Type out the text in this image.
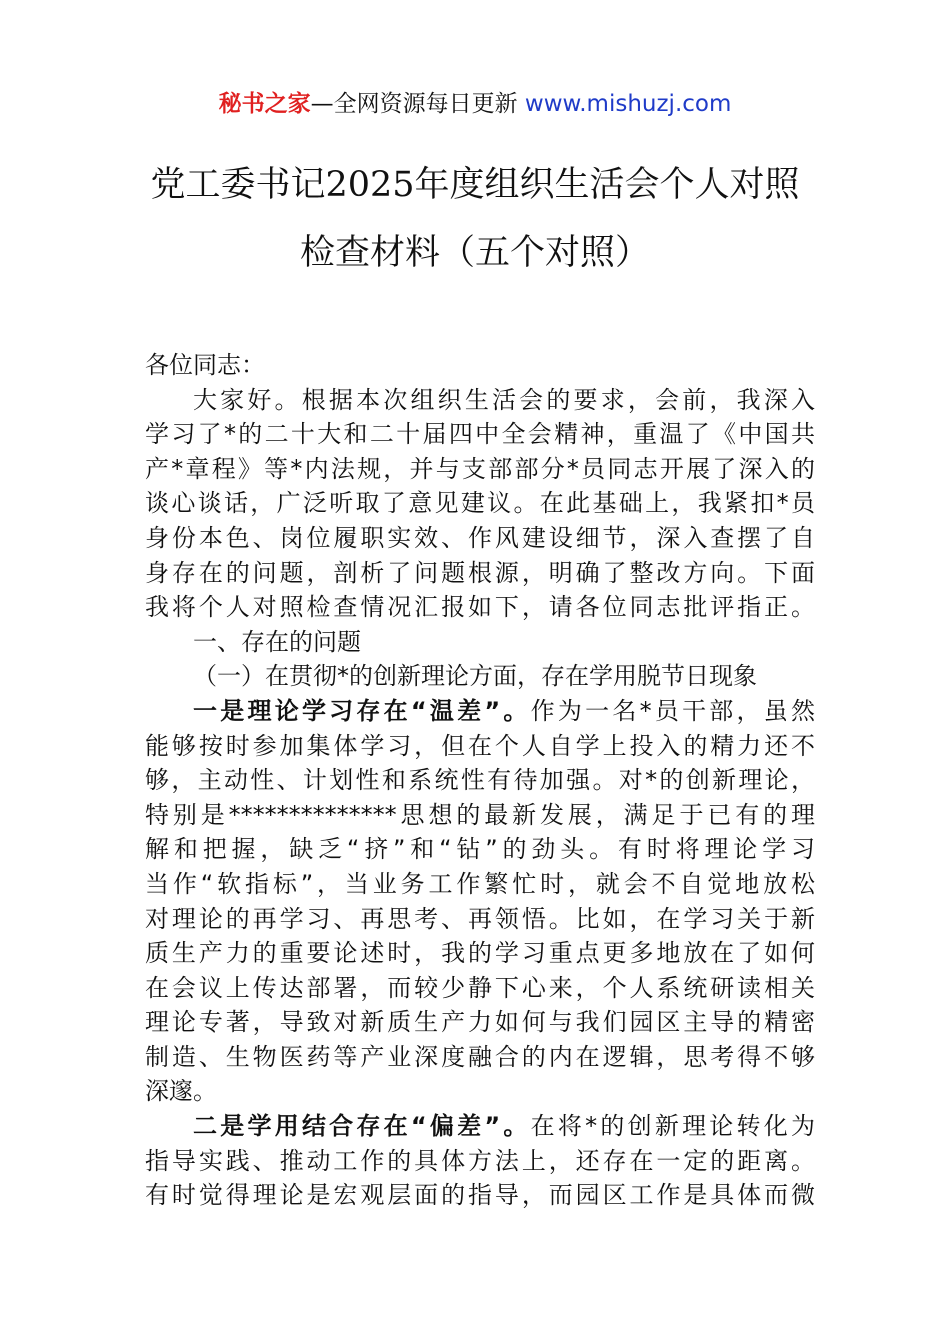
秘书之家—全网资源每日更新 www.mishuzj.com
党工委书记2025年度组织生活会个人对照
检查材料（五个对照）
各位同志：
大家好。根据本次组织生活会的要求，会前，我深入
学习了*的二十大和二十届四中全会精神，重温了《中国共
产*章程》等*内法规，并与支部部分*员同志开展了深入的
谈心谈话，广泛听取了意见建议。在此基础上，我紧扣*员
身份本色、岗位履职实效、作风建设细节，深入查摆了自
身存在的问题，剖析了问题根源，明确了整改方向。下面
我将个人对照检查情况汇报如下，请各位同志批评指正。
一、存在的问题
（一）在贯彻*的创新理论方面，存在学用脱节日现象
一是理论学习存在“温差”。作为一名*员干部，虽然
能够按时参加集体学习，但在个人自学上投入的精力还不
够，主动性、计划性和系统性有待加强。对*的创新理论，
特别是**************思想的最新发展，满足于已有的理
解和把握，缺乏“挤”和“钻”的劲头。有时将理论学习
当作“软指标”，当业务工作繁忙时，就会不自觉地放松
对理论的再学习、再思考、再领悟。比如，在学习关于新
质生产力的重要论述时，我的学习重点更多地放在了如何
在会议上传达部署，而较少静下心来，个人系统研读相关
理论专著，导致对新质生产力如何与我们园区主导的精密
制造、生物医药等产业深度融合的内在逻辑，思考得不够
深邃。
二是学用结合存在“偏差”。在将*的创新理论转化为
指导实践、推动工作的具体方法上，还存在一定的距离。
有时觉得理论是宏观层面的指导，而园区工作是具体而微
